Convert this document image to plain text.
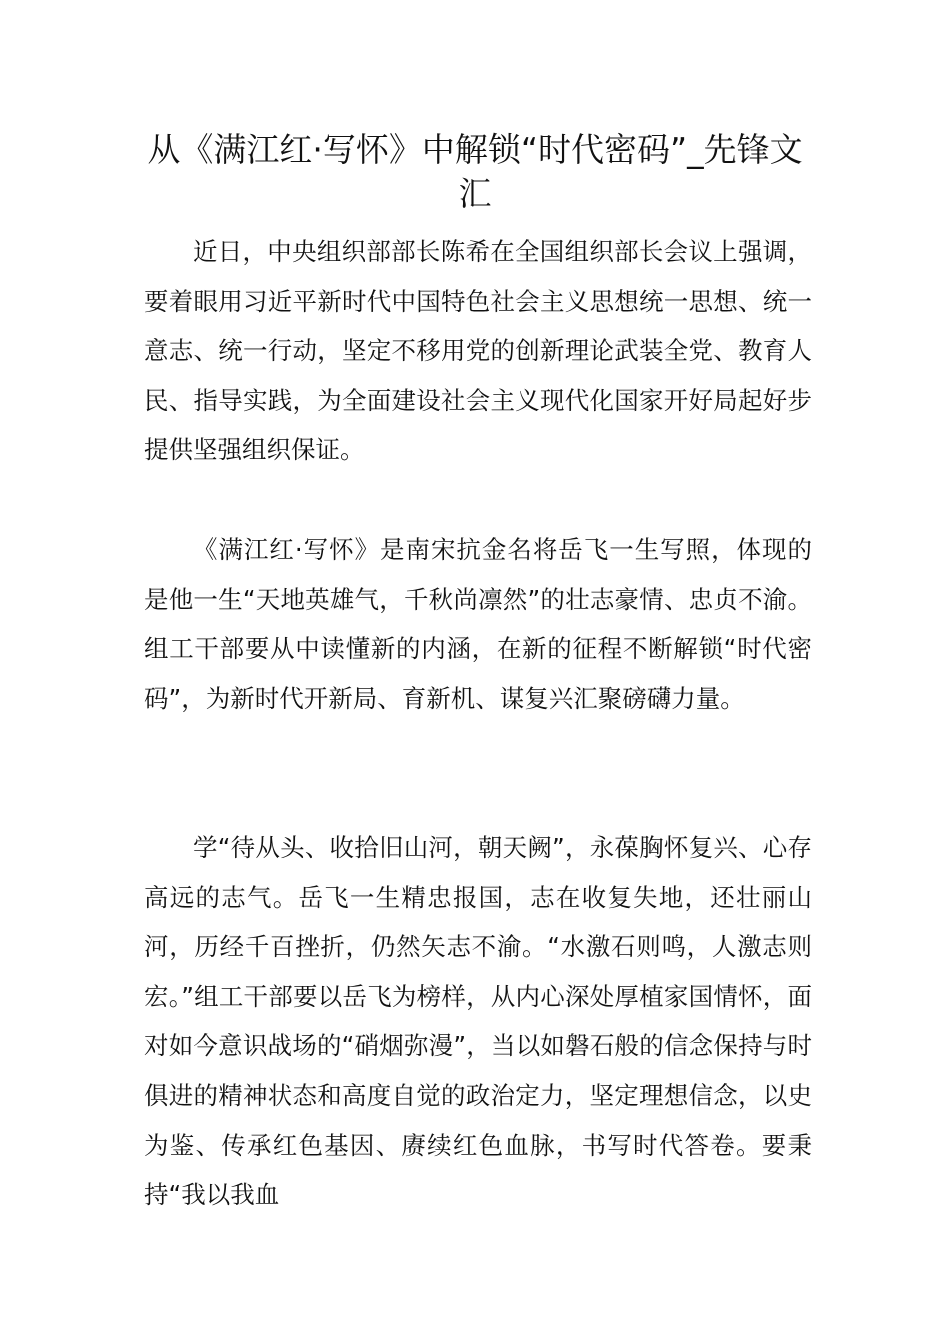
从《满江红·写怀》中解锁“时代密码”_先锋文汇

近日，中央组织部部长陈希在全国组织部长会议上强调，要着眼用习近平新时代中国特色社会主义思想统一思想、统一意志、统一行动，坚定不移用党的创新理论武装全党、教育人民、指导实践，为全面建设社会主义现代化国家开好局起好步提供坚强组织保证。

《满江红·写怀》是南宋抗金名将岳飞一生写照，体现的是他一生“天地英雄气，千秋尚凛然”的壮志豪情、忠贞不渝。组工干部要从中读懂新的内涵，在新的征程不断解锁“时代密码”，为新时代开新局、育新机、谋复兴汇聚磅礴力量。

学“待从头、收拾旧山河，朝天阙”，永葆胸怀复兴、心存高远的志气。岳飞一生精忠报国，志在收复失地，还壮丽山河，历经千百挫折，仍然矢志不渝。“水激石则鸣，人激志则宏。”组工干部要以岳飞为榜样，从内心深处厚植家国情怀，面对如今意识战场的“硝烟弥漫”，当以如磐石般的信念保持与时俱进的精神状态和高度自觉的政治定力，坚定理想信念，以史为鉴、传承红色基因、赓续红色血脉，书写时代答卷。要秉持“我以我血
